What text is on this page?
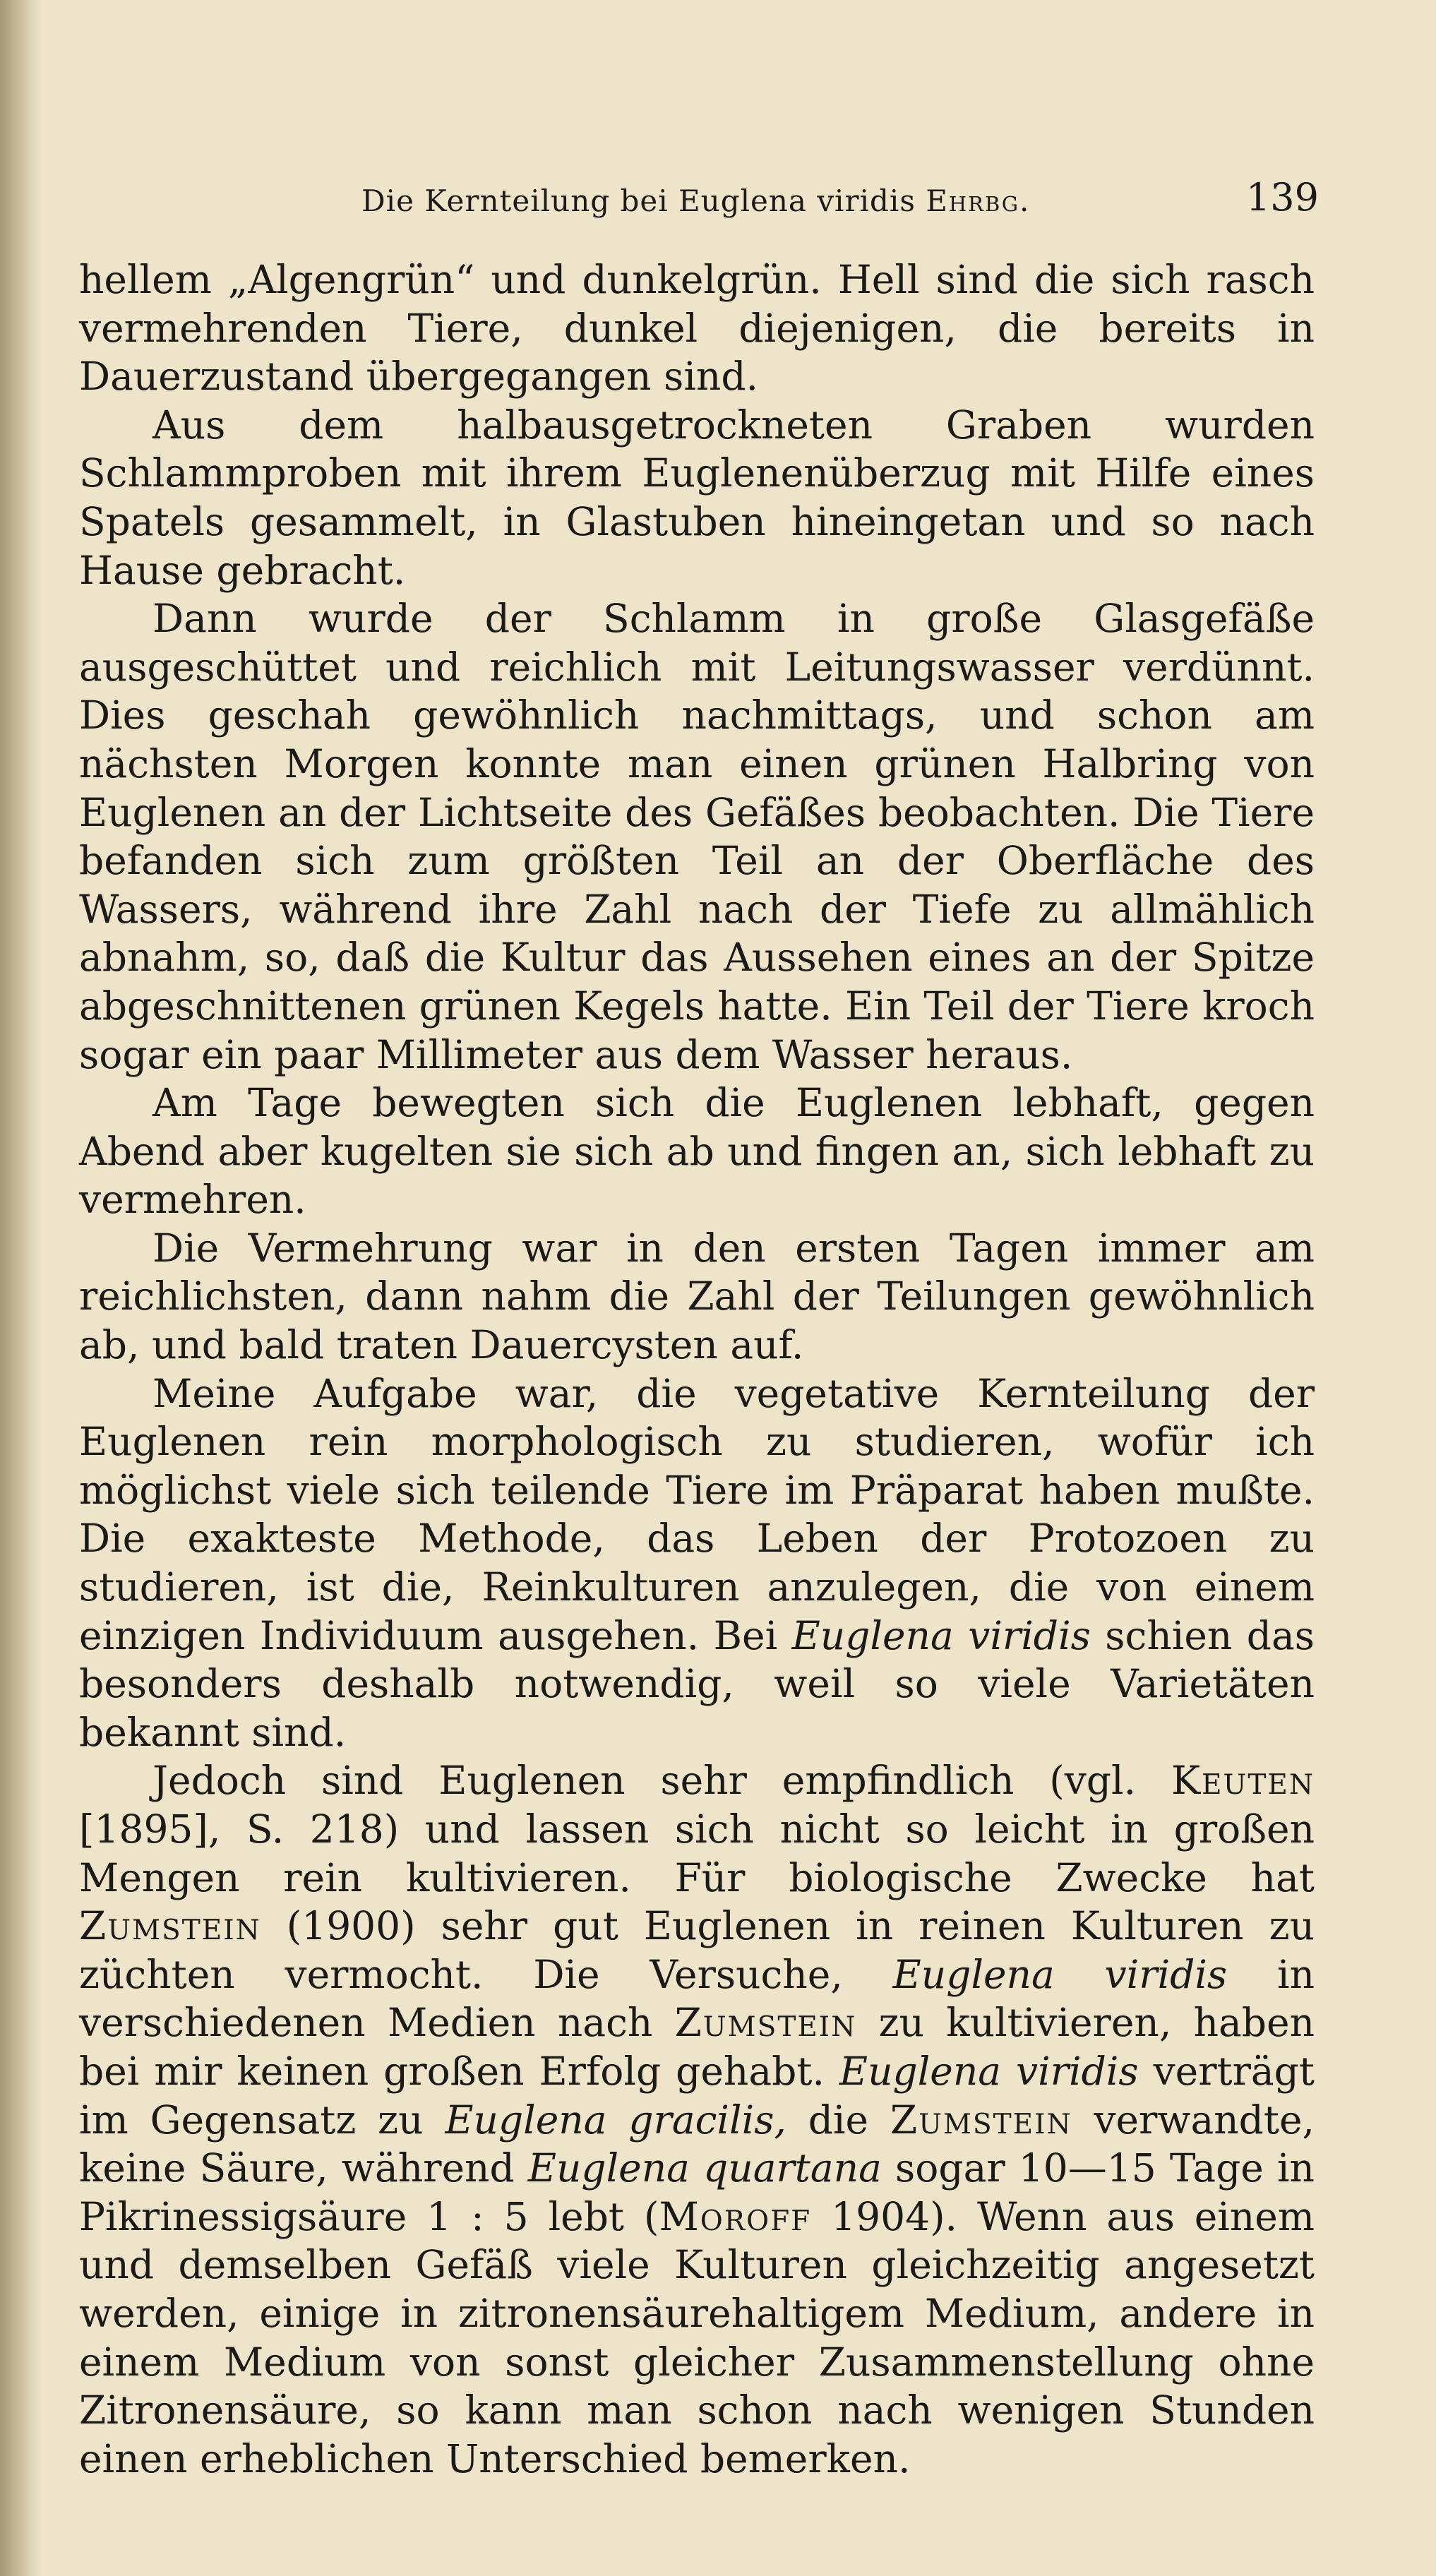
Die Kernteilung bei Euglena viridis Ehrbg.	139

hellem „Algengrün“ und dunkelgrün. Hell sind die sich rasch vermehrenden Tiere, dunkel diejenigen, die bereits in Dauerzustand übergegangen sind.

Aus dem halbausgetrockneten Graben wurden Schlammproben mit ihrem Euglenenüberzug mit Hilfe eines Spatels gesammelt, in Glastuben hineingetan und so nach Hause gebracht.

Dann wurde der Schlamm in große Glasgefäße ausgeschüttet und reichlich mit Leitungswasser verdünnt. Dies geschah gewöhnlich nachmittags, und schon am nächsten Morgen konnte man einen grünen Halbring von Euglenen an der Lichtseite des Gefäßes beobachten. Die Tiere befanden sich zum größten Teil an der Oberfläche des Wassers, während ihre Zahl nach der Tiefe zu allmählich abnahm, so, daß die Kultur das Aussehen eines an der Spitze abgeschnittenen grünen Kegels hatte. Ein Teil der Tiere kroch sogar ein paar Millimeter aus dem Wasser heraus.

Am Tage bewegten sich die Euglenen lebhaft, gegen Abend aber kugelten sie sich ab und fingen an, sich lebhaft zu vermehren.

Die Vermehrung war in den ersten Tagen immer am reichlichsten, dann nahm die Zahl der Teilungen gewöhnlich ab, und bald traten Dauercysten auf.

Meine Aufgabe war, die vegetative Kernteilung der Euglenen rein morphologisch zu studieren, wofür ich möglichst viele sich teilende Tiere im Präparat haben mußte. Die exakteste Methode, das Leben der Protozoen zu studieren, ist die, Reinkulturen anzulegen, die von einem einzigen Individuum ausgehen. Bei Euglena viridis schien das besonders deshalb notwendig, weil so viele Varietäten bekannt sind.

Jedoch sind Euglenen sehr empfindlich (vgl. Keuten [1895], S. 218) und lassen sich nicht so leicht in großen Mengen rein kultivieren. Für biologische Zwecke hat Zumstein (1900) sehr gut Euglenen in reinen Kulturen zu züchten vermocht. Die Versuche, Euglena viridis in verschiedenen Medien nach Zumstein zu kultivieren, haben bei mir keinen großen Erfolg gehabt. Euglena viridis verträgt im Gegensatz zu Euglena gracilis, die Zumstein verwandte, keine Säure, während Euglena quartana sogar 10—15 Tage in Pikrinessigsäure 1 : 5 lebt (Moroff 1904). Wenn aus einem und demselben Gefäß viele Kulturen gleichzeitig angesetzt werden, einige in zitronensäurehaltigem Medium, andere in einem Medium von sonst gleicher Zusammenstellung ohne Zitronensäure, so kann man schon nach wenigen Stunden einen erheblichen Unterschied bemerken.
